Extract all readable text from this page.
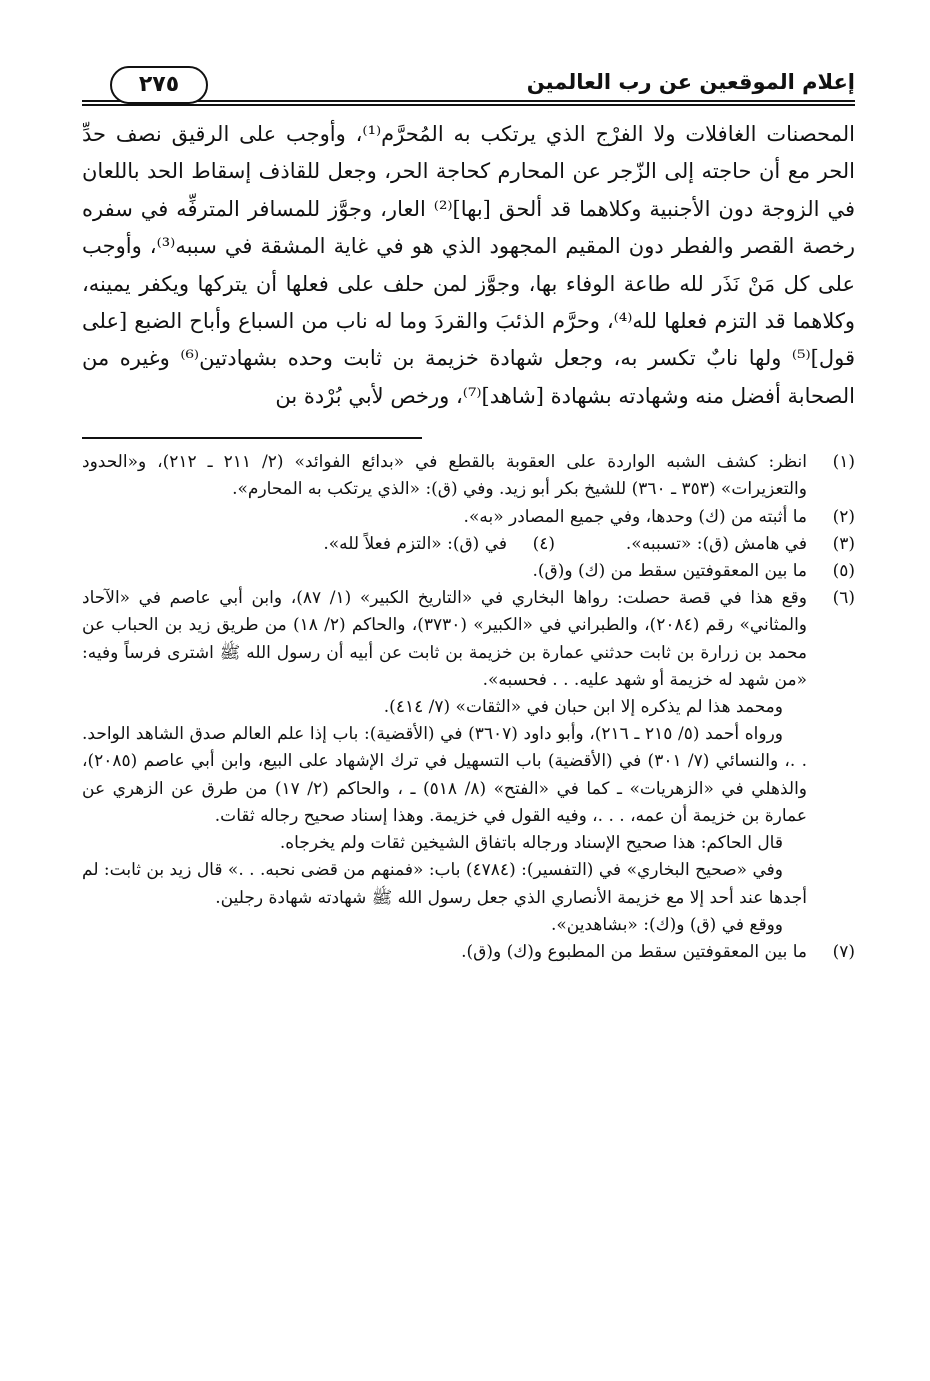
إعلام الموقعين عن رب العالمين
٢٧٥

المحصنات الغافلات ولا الفرْج الذي يرتكب به المُحرَّم⁽¹⁾، وأوجب على الرقيق نصف حدِّ الحر مع أن حاجته إلى الزّجر عن المحارم كحاجة الحر، وجعل للقاذف إسقاط الحد باللعان في الزوجة دون الأجنبية وكلاهما قد ألحق [بها]⁽²⁾ العار، وجوَّز للمسافر المترفِّه في سفره رخصة القصر والفطر دون المقيم المجهود الذي هو في غاية المشقة في سببه⁽³⁾، وأوجب على كل مَنْ نَذَر لله طاعة الوفاء بها، وجوَّز لمن حلف على فعلها أن يتركها ويكفر يمينه، وكلاهما قد التزم فعلها لله⁽⁴⁾، وحرَّم الذئبَ والقردَ وما له ناب من السباع وأباح الضبع [على قول]⁽⁵⁾ ولها نابٌ تكسر به، وجعل شهادة خزيمة بن ثابت وحده بشهادتين⁽⁶⁾ وغيره من الصحابة أفضل منه وشهادته بشهادة [شاهد]⁽⁷⁾، ورخص لأبي بُرْدة بن

(١)
انظر: كشف الشبه الواردة على العقوبة بالقطع في «بدائع الفوائد» (٢/ ٢١١ ـ ٢١٢)، و«الحدود والتعزيرات» (٣٥٣ ـ ٣٦٠) للشيخ بكر أبو زيد. وفي (ق): «الذي يرتكب به المحارم».
(٢)
ما أثبته من (ك) وحدها، وفي جميع المصادر «به».
(٣)
في هامش (ق): «تسببه».
(٤)
في (ق): «التزم فعلاً لله».
(٥)
ما بين المعقوفتين سقط من (ك) و(ق).
(٦)

وقع هذا في قصة حصلت: رواها البخاري في «التاريخ الكبير» (١/ ٨٧)، وابن أبي عاصم في «الآحاد والمثاني» رقم (٢٠٨٤)، والطبراني في «الكبير» (٣٧٣٠)، والحاكم (٢/ ١٨) من طريق زيد بن الحباب عن محمد بن زرارة بن ثابت حدثني عمارة بن خزيمة بن ثابت عن أبيه أن رسول الله ﷺ اشترى فرساً وفيه: «من شهد له خزيمة أو شهد عليه. . . فحسبه».

ومحمد هذا لم يذكره إلا ابن حبان في «الثقات» (٧/ ٤١٤).

ورواه أحمد (٥/ ٢١٥ ـ ٢١٦)، وأبو داود (٣٦٠٧) في (الأقضية): باب إذا علم العالم صدق الشاهد الواحد. . .، والنسائي (٧/ ٣٠١) في (الأقضية) باب التسهيل في ترك الإشهاد على البيع، وابن أبي عاصم (٢٠٨٥)، والذهلي في «الزهريات» ـ كما في «الفتح» (٨/ ٥١٨) ـ ، والحاكم (٢/ ١٧) من طرق عن الزهري عن عمارة بن خزيمة أن عمه، . . .، وفيه القول في خزيمة. وهذا إسناد صحيح رجاله ثقات.

قال الحاكم: هذا صحيح الإسناد ورجاله باتفاق الشيخين ثقات ولم يخرجاه.

وفي «صحيح البخاري» في (التفسير): (٤٧٨٤) باب: «فمنهم من قضى نحبه. . .» قال زيد بن ثابت: لم أجدها عند أحد إلا مع خزيمة الأنصاري الذي جعل رسول الله ﷺ شهادته شهادة رجلين.

ووقع في (ق) و(ك): «بشاهدين».

(٧)
ما بين المعقوفتين سقط من المطبوع و(ك) و(ق).
